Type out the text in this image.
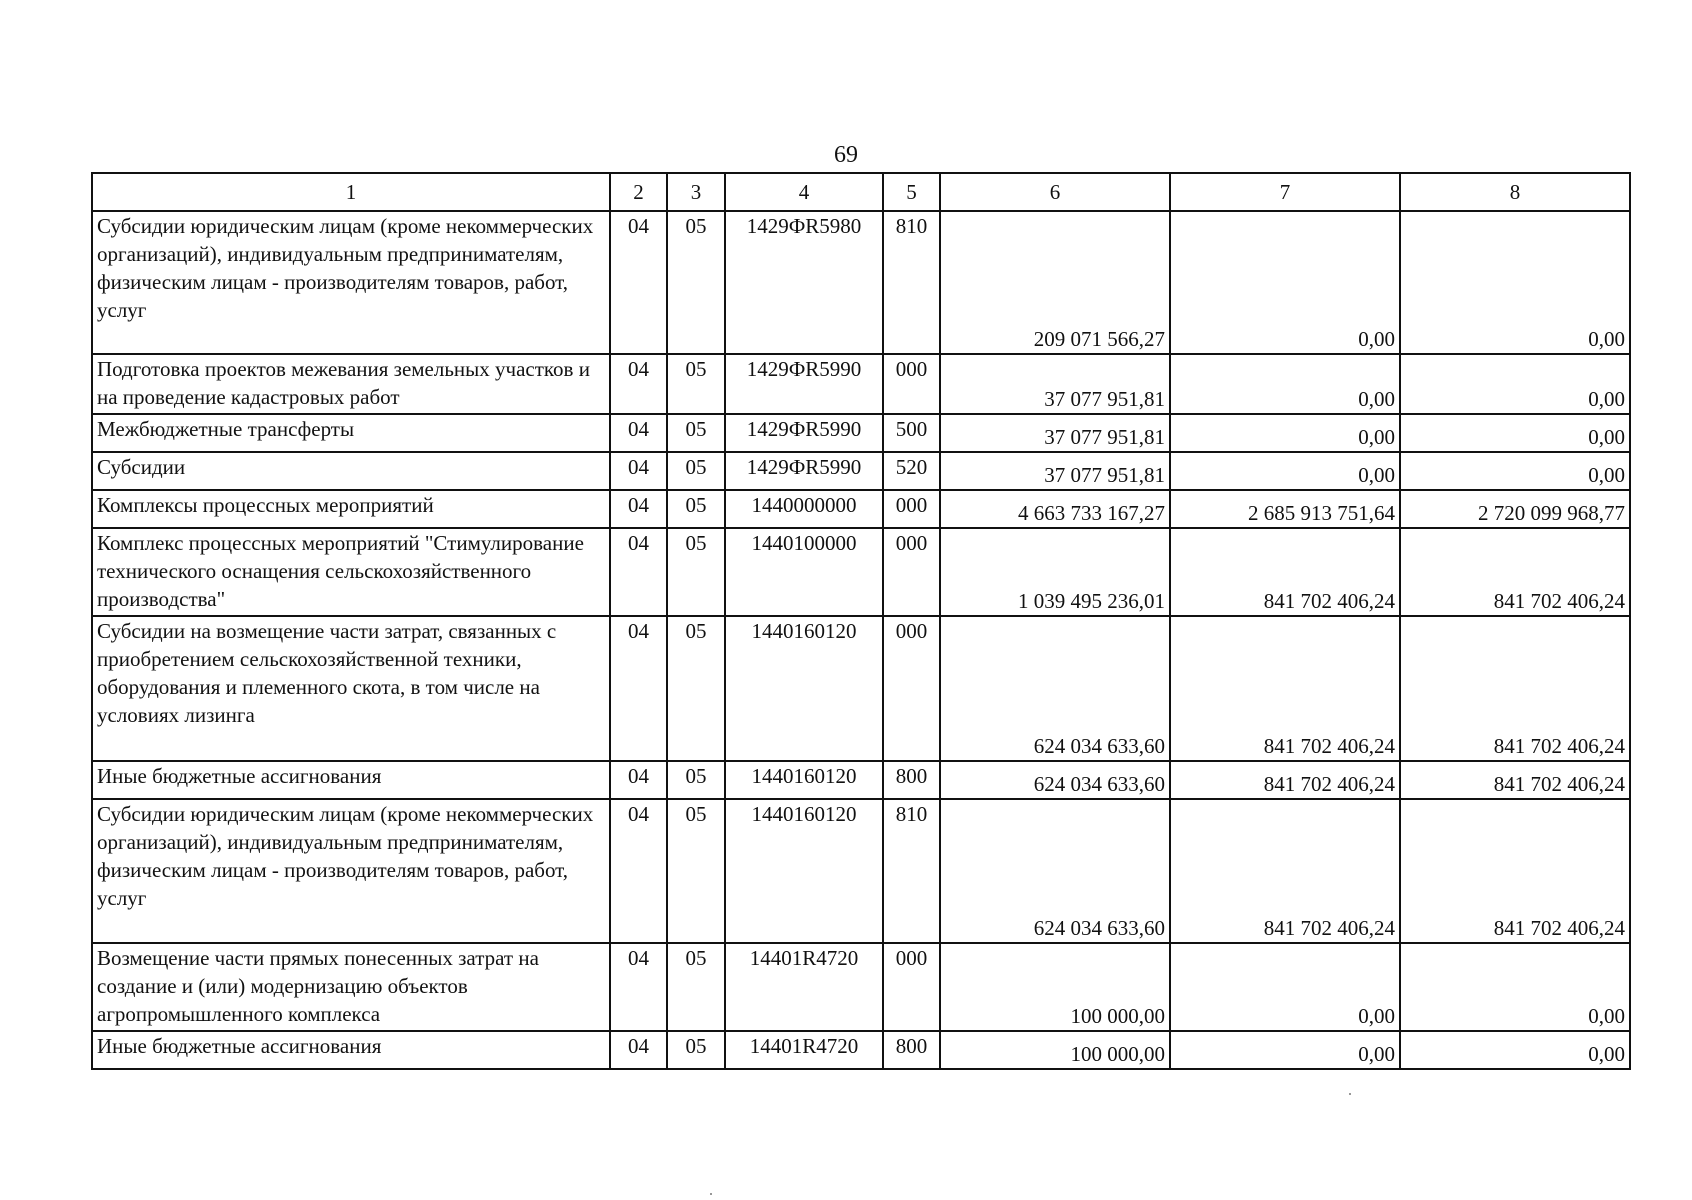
69
1	2	3	4	5	6	7	8
Субсидии юридическим лицам (кроме некоммерческих организаций), индивидуальным предпринимателям, физическим лицам - производителям товаров, работ, услуг	04	05	1429ФR5980	810	209 071 566,27	0,00	0,00
Подготовка проектов межевания земельных участков и на проведение кадастровых работ	04	05	1429ФR5990	000	37 077 951,81	0,00	0,00
Межбюджетные трансферты	04	05	1429ФR5990	500	37 077 951,81	0,00	0,00
Субсидии	04	05	1429ФR5990	520	37 077 951,81	0,00	0,00
Комплексы процессных мероприятий	04	05	1440000000	000	4 663 733 167,27	2 685 913 751,64	2 720 099 968,77
Комплекс процессных мероприятий "Стимулирование технического оснащения сельскохозяйственного производства"	04	05	1440100000	000	1 039 495 236,01	841 702 406,24	841 702 406,24
Субсидии на возмещение части затрат, связанных с приобретением сельскохозяйственной техники, оборудования и племенного скота, в том числе на условиях лизинга	04	05	1440160120	000	624 034 633,60	841 702 406,24	841 702 406,24
Иные бюджетные ассигнования	04	05	1440160120	800	624 034 633,60	841 702 406,24	841 702 406,24
Субсидии юридическим лицам (кроме некоммерческих организаций), индивидуальным предпринимателям, физическим лицам - производителям товаров, работ, услуг	04	05	1440160120	810	624 034 633,60	841 702 406,24	841 702 406,24
Возмещение части прямых понесенных затрат на создание и (или) модернизацию объектов агропромышленного комплекса	04	05	14401R4720	000	100 000,00	0,00	0,00
Иные бюджетные ассигнования	04	05	14401R4720	800	100 000,00	0,00	0,00
